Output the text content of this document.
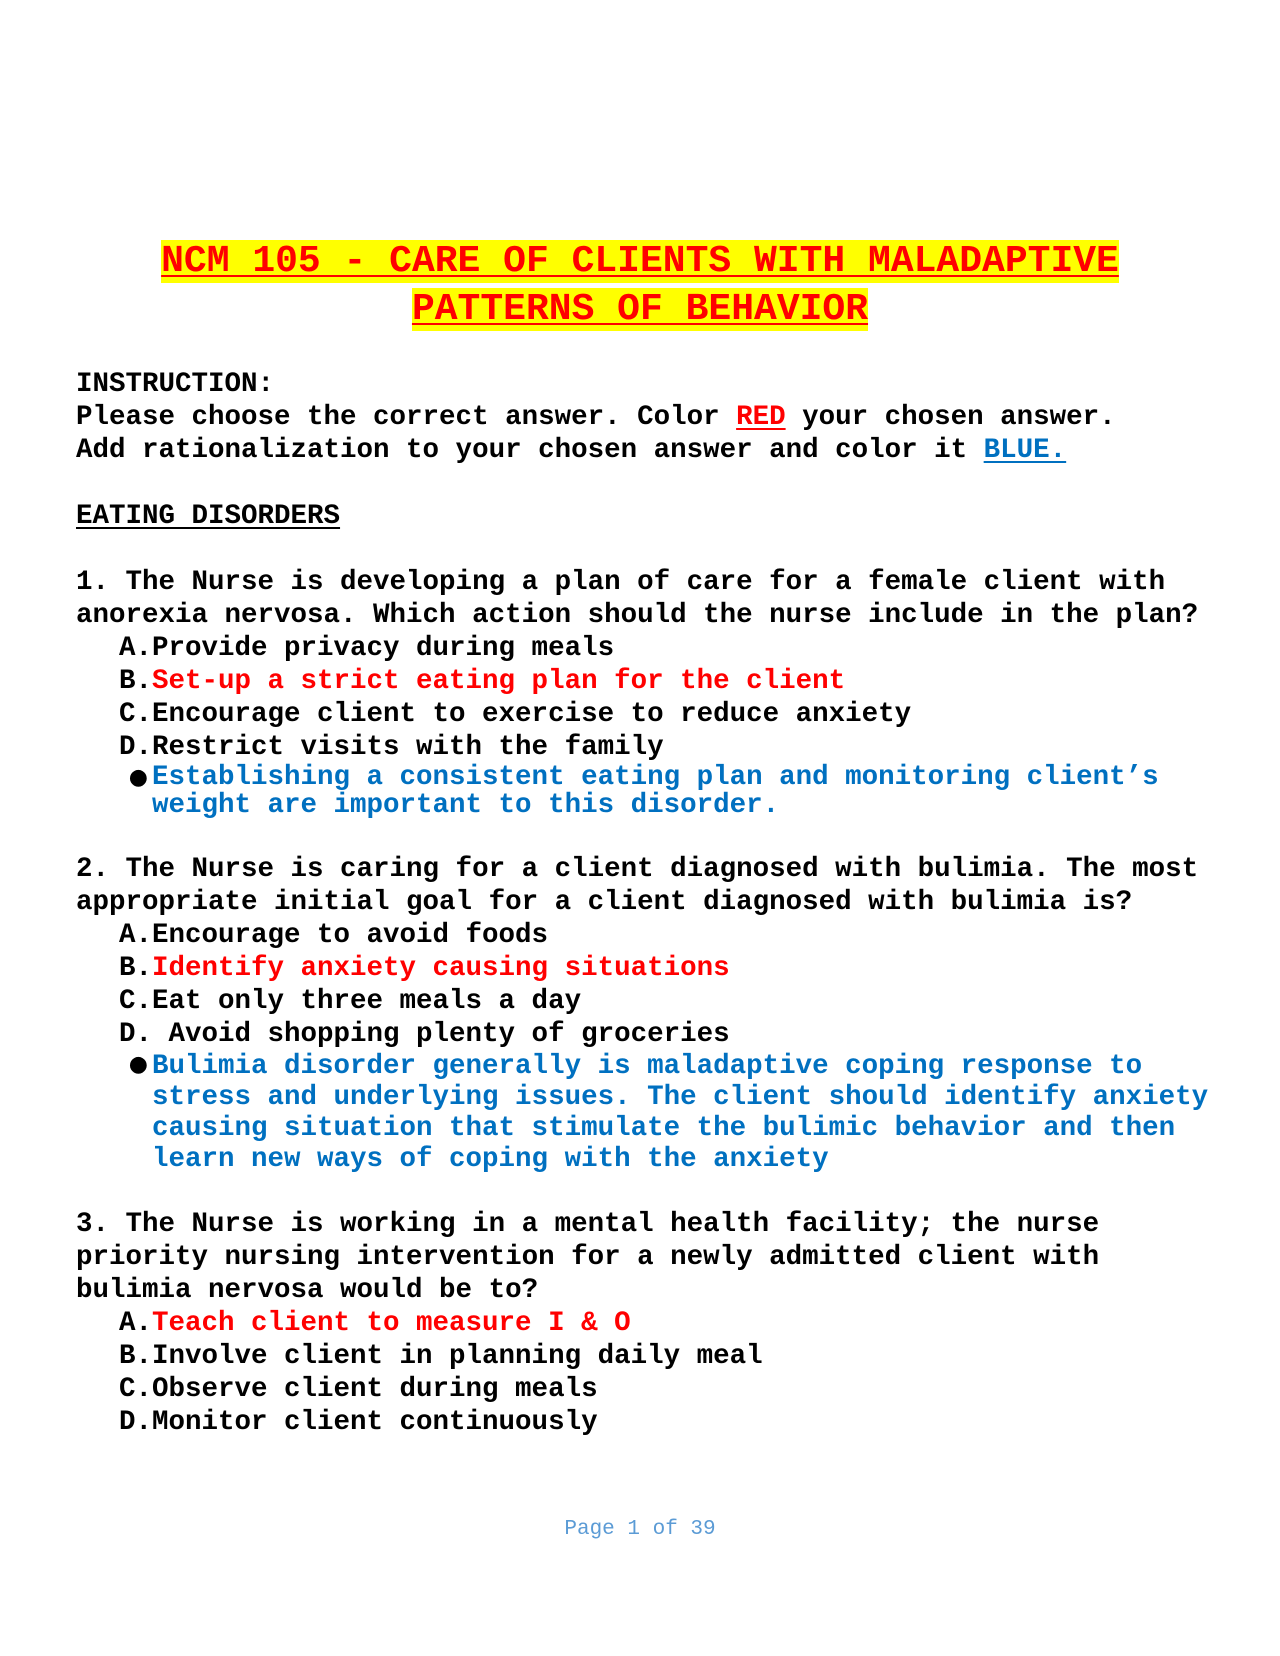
NCM 105 - CARE OF CLIENTS WITH MALADAPTIVE
PATTERNS OF BEHAVIOR
INSTRUCTION:
Please choose the correct answer. Color RED your chosen answer.
Add rationalization to your chosen answer and color it BLUE.
EATING DISORDERS
1. The Nurse is developing a plan of care for a female client with anorexia nervosa. Which action should the nurse include in the plan?
A. Provide privacy during meals
B. Set-up a strict eating plan for the client
C. Encourage client to exercise to reduce anxiety
D. Restrict visits with the family
● Establishing a consistent eating plan and monitoring client’s weight are important to this disorder.
2. The Nurse is caring for a client diagnosed with bulimia. The most appropriate initial goal for a client diagnosed with bulimia is?
A. Encourage to avoid foods
B. Identify anxiety causing situations
C. Eat only three meals a day
D. Avoid shopping plenty of groceries
● Bulimia disorder generally is maladaptive coping response to stress and underlying issues. The client should identify anxiety causing situation that stimulate the bulimic behavior and then learn new ways of coping with the anxiety
3. The Nurse is working in a mental health facility; the nurse priority nursing intervention for a newly admitted client with bulimia nervosa would be to?
A. Teach client to measure I & O
B. Involve client in planning daily meal
C. Observe client during meals
D. Monitor client continuously
Page 1 of 39
